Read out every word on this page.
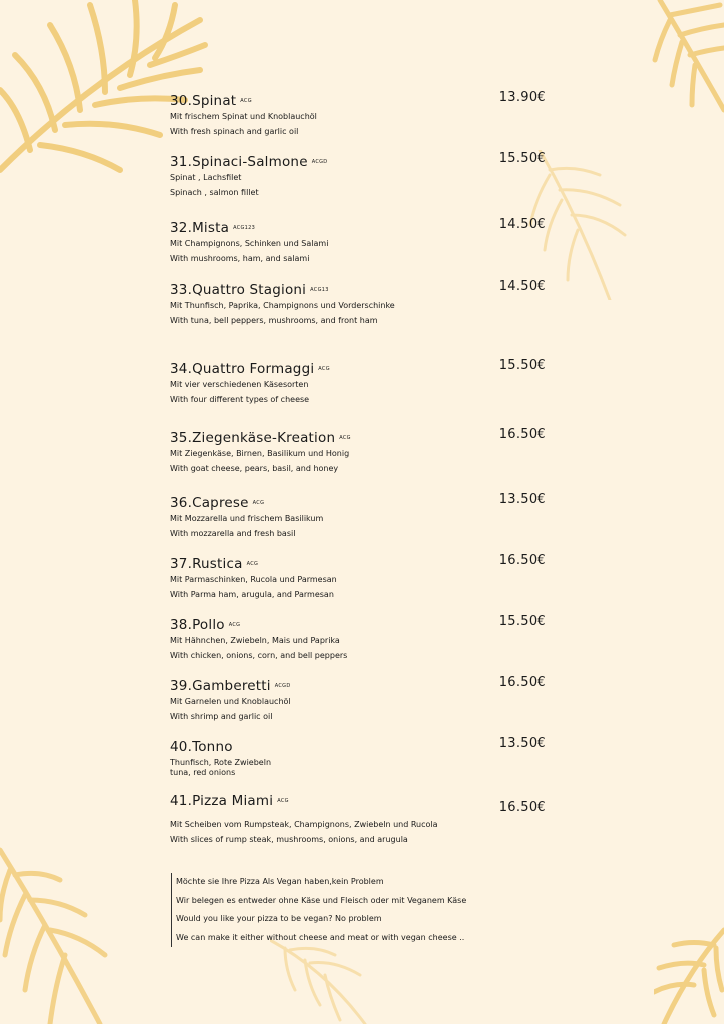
30.Spinat ACG	13.90€
Mit frischem Spinat und Knoblauchöl
With fresh spinach and garlic oil
31.Spinaci-Salmone ACGD	15.50€
Spinat , Lachsfilet
Spinach , salmon fillet
32.Mista ACG123	14.50€
Mit Champignons, Schinken und Salami
With mushrooms, ham, and salami
33.Quattro Stagioni ACG13	14.50€
Mit Thunfisch, Paprika, Champignons und Vorderschinke
With tuna, bell peppers, mushrooms, and front ham
34.Quattro Formaggi ACG	15.50€
Mit vier verschiedenen Käsesorten
With four different types of cheese
35.Ziegenkäse-Kreation ACG	16.50€
Mit Ziegenkäse, Birnen, Basilikum und Honig
With goat cheese, pears, basil, and honey
36.Caprese ACG	13.50€
Mit Mozzarella und frischem Basilikum
With mozzarella and fresh basil
37.Rustica ACG	16.50€
Mit Parmaschinken, Rucola und Parmesan
With Parma ham, arugula, and Parmesan
38.Pollo ACG	15.50€
Mit Hähnchen, Zwiebeln, Mais und Paprika
With chicken, onions, corn, and bell peppers
39.Gamberetti ACGD	16.50€
Mit Garnelen und Knoblauchöl
With shrimp and garlic oil
40.Tonno	13.50€
Thunfisch, Rote Zwiebeln
tuna, red onions
41.Pizza Miami ACG	16.50€
Mit Scheiben vom Rumpsteak, Champignons, Zwiebeln und Rucola
With slices of rump steak, mushrooms, onions, and arugula
Möchte sie Ihre Pizza Als Vegan haben,kein Problem
Wir belegen es entweder ohne Käse und Fleisch oder mit Veganem Käse
Would you like your pizza to be vegan? No problem
We can make it either without cheese and meat or with vegan cheese ..
